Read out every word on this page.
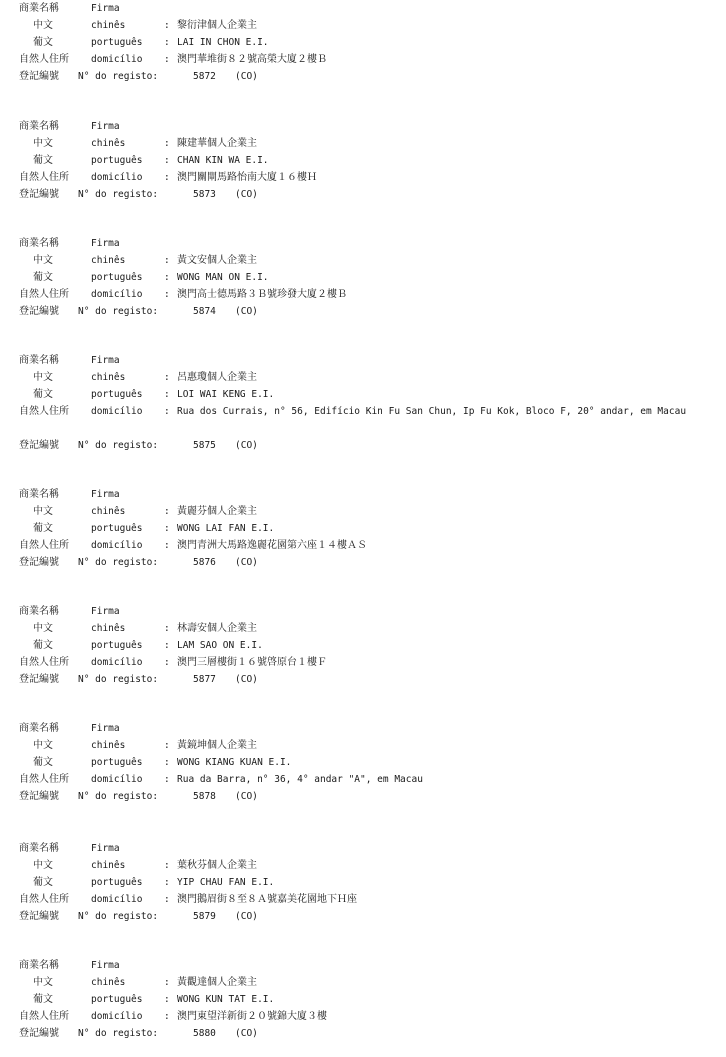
商業名稱	Firma
中文	chinês	: 黎衍津個人企業主
葡文	português : LAI IN CHON E.I.
自然人住所 domicílio : 澳門華堆街８２號高榮大廈２樓Ｂ
登記編號 N° do registo:	5872 (CO)
商業名稱	Firma
中文	chinês	: 陳建華個人企業主
葡文	português : CHAN KIN WA E.I.
自然人住所 domicílio : 澳門關閘馬路怡南大廈１６樓Ｈ
登記編號 N° do registo:	5873 (CO)
商業名稱	Firma
中文	chinês	: 黃文安個人企業主
葡文	português : WONG MAN ON E.I.
自然人住所 domicílio : 澳門高士德馬路３Ｂ號珍發大廈２樓Ｂ
登記編號 N° do registo:	5874 (CO)
商業名稱	Firma
中文	chinês	: 呂惠瓊個人企業主
葡文	português : LOI WAI KENG E.I.
自然人住所 domicílio : Rua dos Currais, n° 56, Edifício Kin Fu San Chun, Ip Fu Kok, Bloco F, 20° andar, em Macau
登記編號 N° do registo:	5875 (CO)
商業名稱	Firma
中文	chinês	: 黃麗芬個人企業主
葡文	português : WONG LAI FAN E.I.
自然人住所 domicílio : 澳門青洲大馬路逸麗花園第六座１４樓ＡＳ
登記編號 N° do registo:	5876 (CO)
商業名稱	Firma
中文	chinês	: 林壽安個人企業主
葡文	português : LAM SAO ON E.I.
自然人住所 domicílio : 澳門三層樓街１６號啓原台１樓Ｆ
登記編號 N° do registo:	5877 (CO)
商業名稱	Firma
中文	chinês	: 黃鏡坤個人企業主
葡文	português : WONG KIANG KUAN E.I.
自然人住所 domicílio : Rua da Barra, n° 36, 4° andar "A", em Macau
登記編號 N° do registo:	5878 (CO)
商業名稱	Firma
中文	chinês	: 葉秋芬個人企業主
葡文	português : YIP CHAU FAN E.I.
自然人住所 domicílio : 澳門鵝眉街８至８Ａ號嘉美花園地下Ｈ座
登記編號 N° do registo:	5879 (CO)
商業名稱	Firma
中文	chinês	: 黃觀達個人企業主
葡文	português : WONG KUN TAT E.I.
自然人住所 domicílio : 澳門東望洋新街２０號錦大廈３樓
登記編號 N° do registo:	5880 (CO)
